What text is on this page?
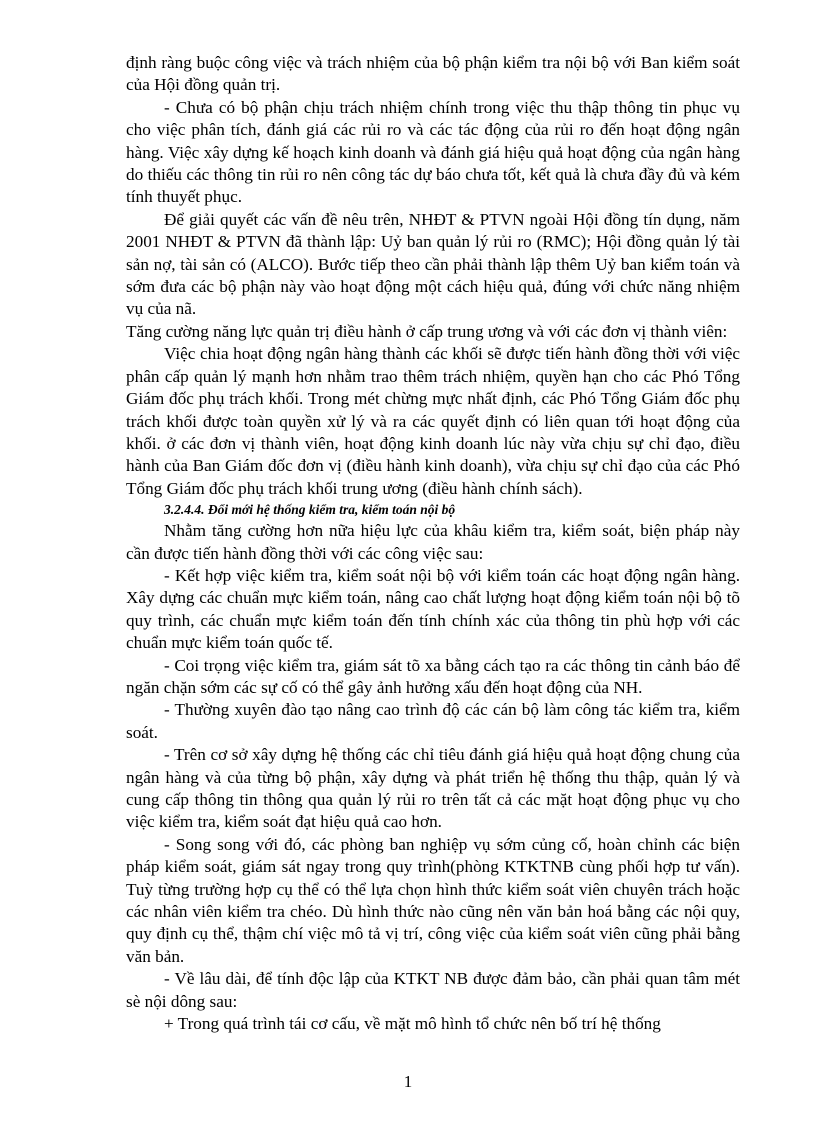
định ràng buộc công việc và trách nhiệm của bộ phận kiểm tra nội bộ với Ban kiểm soát của Hội đồng quản trị.

- Chưa có bộ phận chịu trách nhiệm chính trong việc thu thập thông tin phục vụ cho việc phân tích, đánh giá các rủi ro và các tác động của rủi ro đến hoạt động ngân hàng. Việc xây dựng kế hoạch kinh doanh và đánh giá hiệu quả hoạt động của ngân hàng do thiếu các thông tin rủi ro nên công tác dự báo chưa tốt, kết quả là chưa đầy đủ và kém tính thuyết phục.

Để giải quyết các vấn đề nêu trên, NHĐT & PTVN ngoài Hội đồng tín dụng, năm 2001 NHĐT & PTVN đã thành lập: Uỷ ban quản lý rủi ro (RMC); Hội đồng quản lý tài sản nợ, tài sản có (ALCO). Bước tiếp theo cần phải thành lập thêm Uỷ ban kiểm toán và sớm đưa các bộ phận này vào hoạt động một cách hiệu quả, đúng với chức năng nhiệm vụ của nã.

Tăng cường năng lực quản trị điều hành ở cấp trung ương và với các đơn vị thành viên:

Việc chia hoạt động ngân hàng thành các khối sẽ được tiến hành đồng thời với việc phân cấp quản lý mạnh hơn nhằm trao thêm trách nhiệm, quyền hạn cho các Phó Tổng Giám đốc phụ trách khối. Trong mét chừng mực nhất định, các Phó Tổng Giám đốc phụ trách khối được toàn quyền xử lý và ra các quyết định có liên quan tới hoạt động của khối. ở các đơn vị thành viên, hoạt động kinh doanh lúc này vừa chịu sự chỉ đạo, điều hành của Ban Giám đốc đơn vị (điều hành kinh doanh), vừa chịu sự chỉ đạo của các Phó Tổng Giám đốc phụ trách khối trung ương (điều hành chính sách).

3.2.4.4. Đổi mới hệ thống kiểm tra, kiểm toán nội bộ

Nhằm tăng cường hơn nữa hiệu lực của khâu kiểm tra, kiểm soát, biện pháp này cần được tiến hành đồng thời với các công việc sau:

- Kết hợp việc kiểm tra, kiểm soát nội bộ với kiểm toán các hoạt động ngân hàng. Xây dựng các chuẩn mực kiểm toán, nâng cao chất lượng hoạt động kiểm toán nội bộ tõ quy trình, các chuẩn mực kiểm toán đến tính chính xác của thông tin phù hợp với các chuẩn mực kiểm toán quốc tế.

- Coi trọng việc kiểm tra, giám sát tõ xa bằng cách tạo ra các thông tin cảnh báo để ngăn chặn sớm các sự cố có thể gây ảnh hưởng xấu đến hoạt động của NH.

- Thường xuyên đào tạo nâng cao trình độ các cán bộ làm công tác kiểm tra, kiểm soát.

- Trên cơ sở xây dựng hệ thống các chỉ tiêu đánh giá hiệu quả hoạt động chung của ngân hàng và của từng bộ phận, xây dựng và phát triển hệ thống thu thập, quản lý và cung cấp thông tin thông qua quản lý rủi ro trên tất cả các mặt hoạt động phục vụ cho việc kiểm tra, kiểm soát đạt hiệu quả cao hơn.

- Song song với đó, các phòng ban nghiệp vụ sớm củng cố, hoàn chỉnh các biện pháp kiểm soát, giám sát ngay trong quy trình(phòng KTKTNB cùng phối hợp tư vấn). Tuỳ từng trường hợp cụ thể có thể lựa chọn hình thức kiểm soát viên chuyên trách hoặc các nhân viên kiểm tra chéo. Dù hình thức nào cũng nên văn bản hoá bằng các nội quy, quy định cụ thể, thậm chí việc mô tả vị trí, công việc của kiểm soát viên cũng phải bằng văn bản.

- Về lâu dài, để tính độc lập của KTKT NB được đảm bảo, cần phải quan tâm mét sè nội dông sau:

+ Trong quá trình tái cơ cấu, về mặt mô hình tổ chức nên bố trí hệ thống

1
